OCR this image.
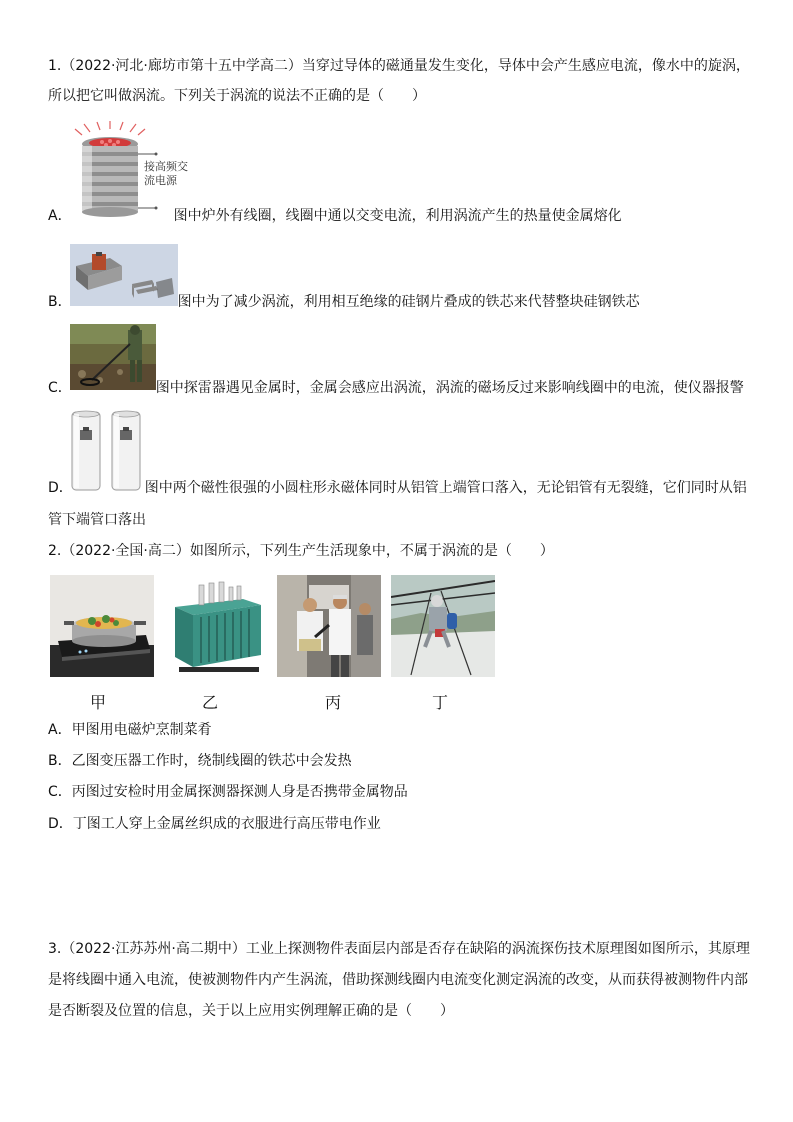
1.（2022·河北·廊坊市第十五中学高二）当穿过导体的磁通量发生变化，导体中会产生感应电流，像水中的旋涡，
所以把它叫做涡流。下列关于涡流的说法不正确的是（　　）
接高频交
流电源
A．	图中炉外有线圈，线圈中通以交变电流，利用涡流产生的热量使金属熔化
B．	图中为了减少涡流，利用相互绝缘的硅钢片叠成的铁芯来代替整块硅钢铁芯
C．	图中探雷器遇见金属时，金属会感应出涡流，涡流的磁场反过来影响线圈中的电流，使仪器报警
D．	图中两个磁性很强的小圆柱形永磁体同时从铝管上端管口落入，无论铝管有无裂缝，它们同时从铝
管下端管口落出
2.（2022·全国·高二）如图所示，下列生产生活现象中，不属于涡流的是（　　）
甲	乙	丙	丁
A．甲图用电磁炉烹制菜肴
B．乙图变压器工作时，绕制线圈的铁芯中会发热
C．丙图过安检时用金属探测器探测人身是否携带金属物品
D．丁图工人穿上金属丝织成的衣服进行高压带电作业
3.（2022·江苏苏州·高二期中）工业上探测物件表面层内部是否存在缺陷的涡流探伤技术原理图如图所示，其原理
是将线圈中通入电流，使被测物件内产生涡流，借助探测线圈内电流变化测定涡流的改变，从而获得被测物件内部
是否断裂及位置的信息，关于以上应用实例理解正确的是（　　）
